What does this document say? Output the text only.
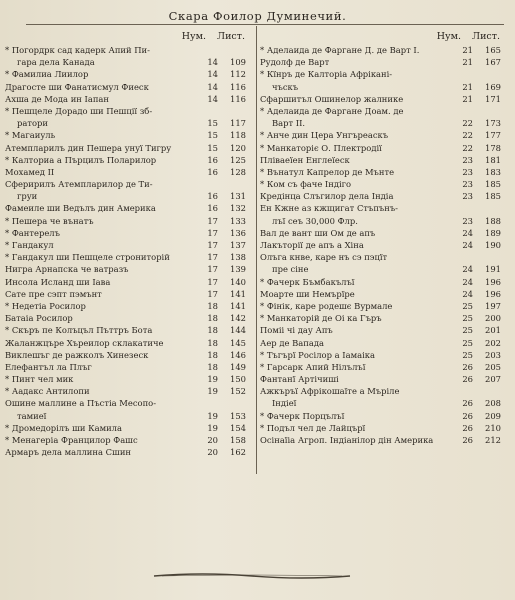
Скара Фоилор Думинечий.
Нум. Лист.
* Погордрк сад кадерк Апий Пи-
гара дела Канада	14	109
* Фамилиа Лиилор	14	112
Драгосте ши Фанатисмул Фиеск	14	116
Ахша де Мода ин Iапан	14	116
* Пешцеле Дорадо ши Пешції зб-
ратори	15	117
* Магаиуль	15	118
Атемпларилъ дин Пешера унуї Тигру	15	120
* Калториа а Пърцилъ Поларилор	16	125
Мохамед II	16	128
Сферирилъ Атемпларилор де Ти-
груи	16	131
Фамеиле ши Ведълъ дин Америка	16	132
* Пешера че вънатъ	17	133
* Фантерелъ	17	136
* Гандакул	17	137
* Гандакул ши Пешцеле строниторій	17	138
Нигра Арнапска че ватразъ	17	139
Инсола Исланд ши Iава	17	140
Сате пре сэпт пэмънт	17	141
* Недетіа Росилор	18	141
Батаіа Росилор	18	142
* Скъръ пе Колъцъл Пъттръ Бота	18	144
Жаланжцъре Хъреилор склакатиче	18	145
Виклешъг де ражколъ Хинезеск	18	146
Елефантъл ла Плъг	18	149
* Пинт чел мик	19	150
* Аадакс Антилопи	19	152
Ошине маллине а Пъстіа Месопо-
тамиеї	19	153
* Дромедорілъ ши Камила	19	154
* Менагеріа Францилор Фашс	20	158
Армаръ дела маллина Сшин	20	162
Нум. Лист.
* Аделаида де Фаргане Д. де Варт I.	21	165
Рудолф де Варт	21	167
* Кїнръ де Калторіа Афрікані-
чъскъ	21	169
Сфаршитъл Ошинелор жалнике	21	171
* Аделаида де Фаргане Доам. де
Варт II.	22	173
* Анче дин Цера Унгъреаскъ	22	177
* Манкаторіє О. Плектродії	22	178
Пліваеїен Енглеїеск	23	181
* Вънатул Капрелор де Мънте	23	183
* Ком съ фаче Індіго	23	185
Кредінца Слъгилор дела Індіа	23	185
Ен Кжне аз кжщигат Стъпънъ-
лъї сеъ 30,000 Флр.	23	188
Вал де вант ши Ом де апъ	24	189
Лакъторії де апъ а Хіна	24	190
Олъга кнве, каре нъ сэ пэцїт
пре сіне	24	191
* Фачерк Бъмбакълъї	24	196
Моарте ши Немърїре	24	196
* Фінік, каре родешє Вурмале	25	197
* Манкаторій де Оі ка Гъръ	25	200
Поміі чі дау Апъ	25	201
Аер де Вапада	25	202
* Тъгърї Росілор а Іамаіка	25	203
* Гарсарк Апий Нілълъї	26	205
Фантанї Артічиші	26	207
Ажкъръї Афрікошаїте а Мъріле
Індіеї	26	208
* Фачерк Порцълъї	26	209
* Подъл чел де Лайцърї	26	210
Осінаїіа Агроп. Індіанілор дін Америка	26	212
